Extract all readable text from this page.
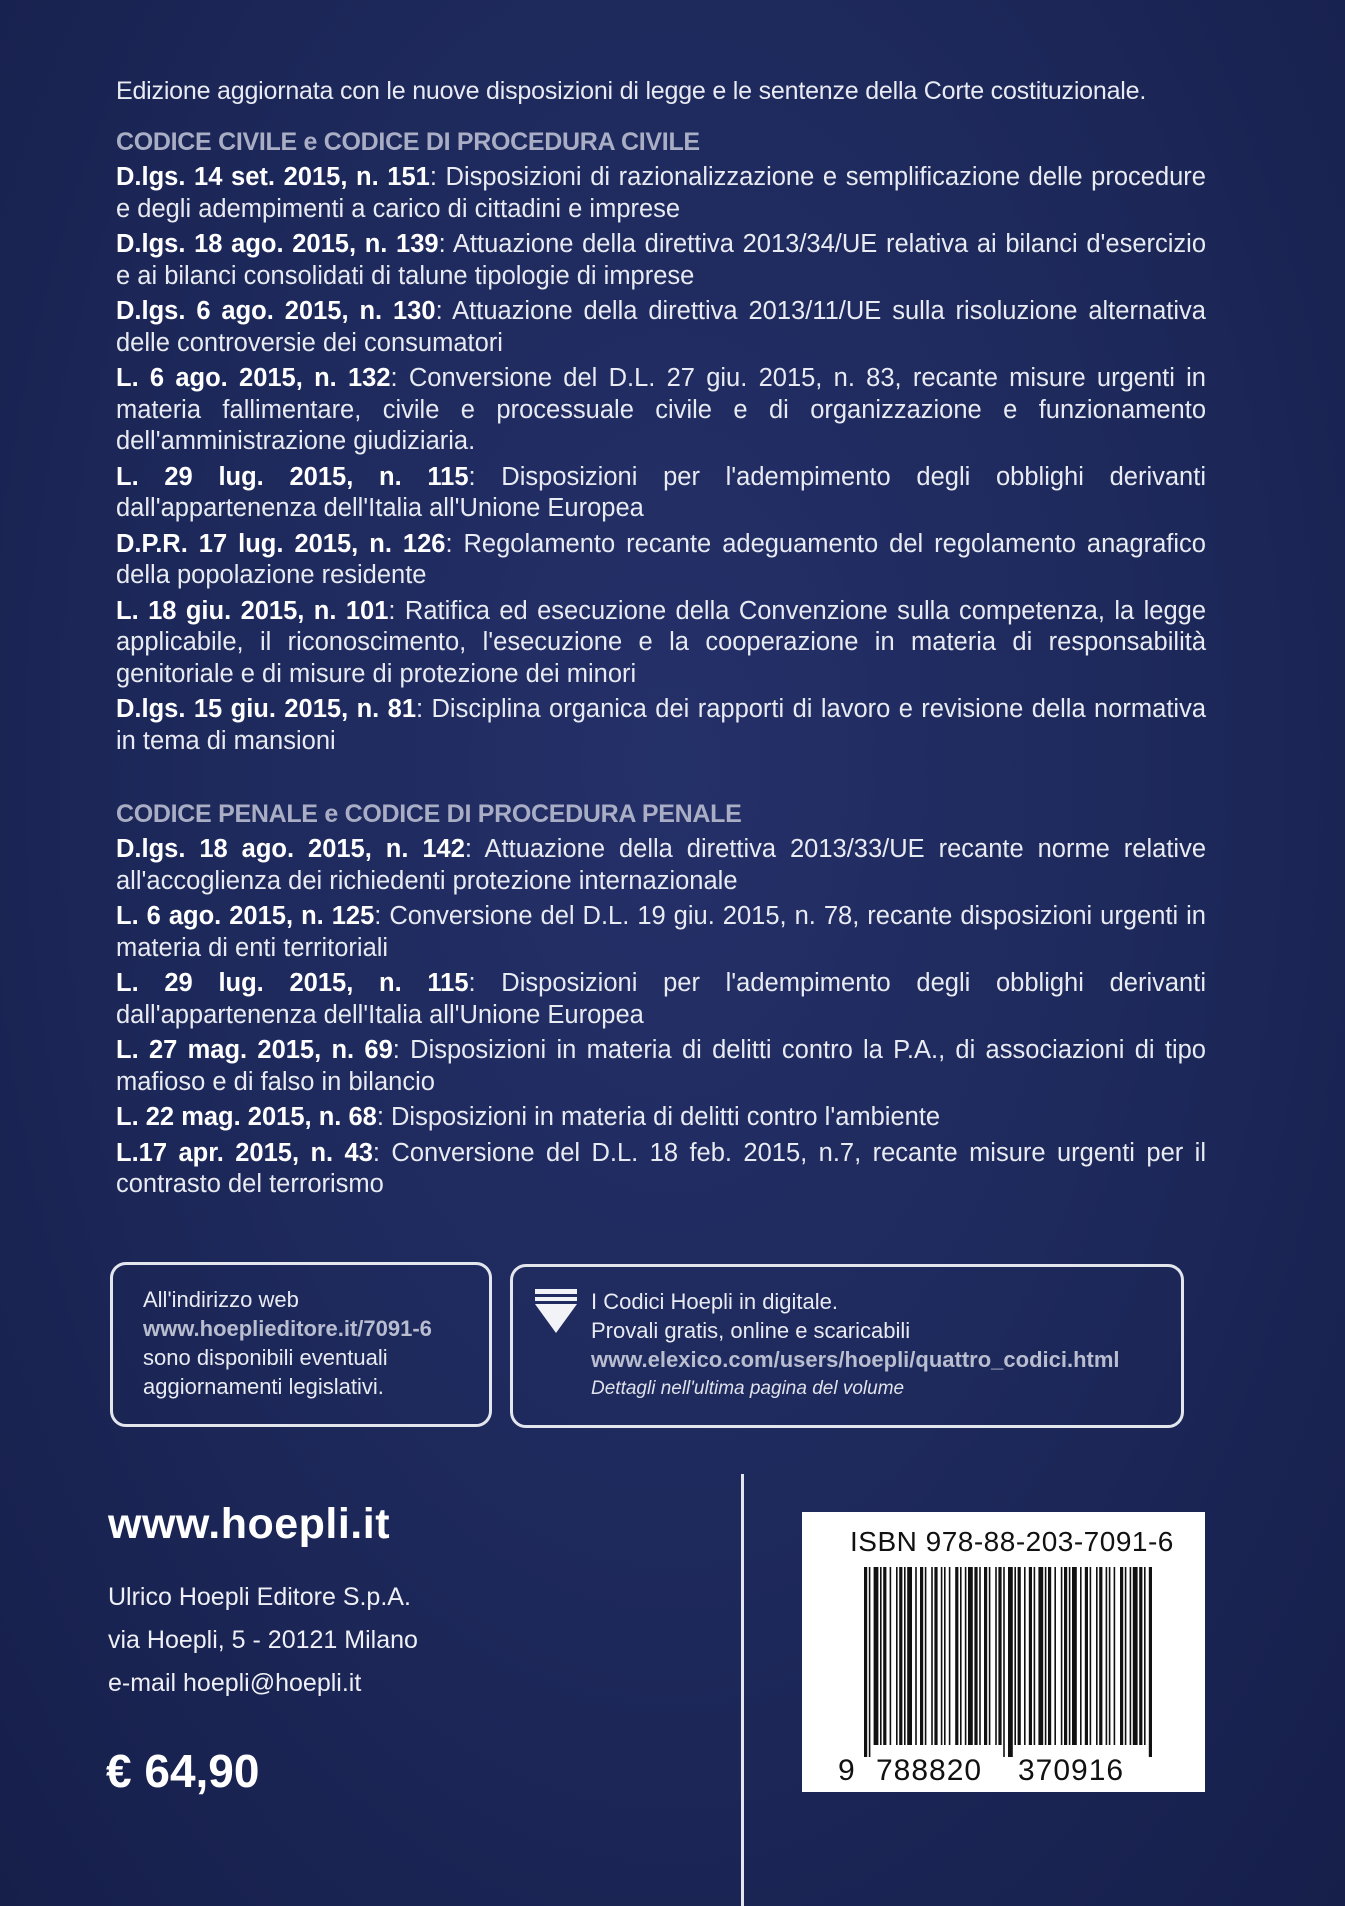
Edizione aggiornata con le nuove disposizioni di legge e le sentenze della Corte costituzionale.
CODICE CIVILE e CODICE DI PROCEDURA CIVILE
D.lgs. 14 set. 2015, n. 151: Disposizioni di razionalizzazione e semplificazione delle procedure e degli adempimenti a carico di cittadini e imprese
D.lgs. 18 ago. 2015, n. 139: Attuazione della direttiva 2013/34/UE relativa ai bilanci d'esercizio e ai bilanci consolidati di talune tipologie di imprese
D.lgs. 6 ago. 2015, n. 130: Attuazione della direttiva 2013/11/UE sulla risoluzione alternativa delle controversie dei consumatori
L. 6 ago. 2015, n. 132: Conversione del D.L. 27 giu. 2015, n. 83, recante misure urgenti in materia fallimentare, civile e processuale civile e di organizzazione e funzionamento dell'amministrazione giudiziaria.
L. 29 lug. 2015, n. 115: Disposizioni per l'adempimento degli obblighi derivanti dall'appartenenza dell'Italia all'Unione Europea
D.P.R. 17 lug. 2015, n. 126: Regolamento recante adeguamento del regolamento anagrafico della popolazione residente
L. 18 giu. 2015, n. 101: Ratifica ed esecuzione della Convenzione sulla competenza, la legge applicabile, il riconoscimento, l'esecuzione e la cooperazione in materia di responsabilità genitoriale e di misure di protezione dei minori
D.lgs. 15 giu. 2015, n. 81: Disciplina organica dei rapporti di lavoro e revisione della normativa in tema di mansioni
CODICE PENALE e CODICE DI PROCEDURA PENALE
D.lgs. 18 ago. 2015, n. 142: Attuazione della direttiva 2013/33/UE recante norme relative all'accoglienza dei richiedenti protezione internazionale
L. 6 ago. 2015, n. 125: Conversione del D.L. 19 giu. 2015, n. 78, recante disposizioni urgenti in materia di enti territoriali
L. 29 lug. 2015, n. 115: Disposizioni per l'adempimento degli obblighi derivanti dall'appartenenza dell'Italia all'Unione Europea
L. 27 mag. 2015, n. 69: Disposizioni in materia di delitti contro la P.A., di associazioni di tipo mafioso e di falso in bilancio
L. 22 mag. 2015, n. 68: Disposizioni in materia di delitti contro l'ambiente
L.17 apr. 2015, n. 43: Conversione del D.L. 18 feb. 2015, n.7, recante misure urgenti per il contrasto del terrorismo
All'indirizzo web
www.hoeplieditore.it/7091-6
sono disponibili eventuali
aggiornamenti legislativi.
I Codici Hoepli in digitale.
Provali gratis, online e scaricabili
www.elexico.com/users/hoepli/quattro_codici.html
Dettagli nell'ultima pagina del volume
www.hoepli.it
Ulrico Hoepli Editore S.p.A.
via Hoepli, 5 - 20121 Milano
e-mail hoepli@hoepli.it
€ 64,90
ISBN 978-88-203-7091-6
9 788820 370916
